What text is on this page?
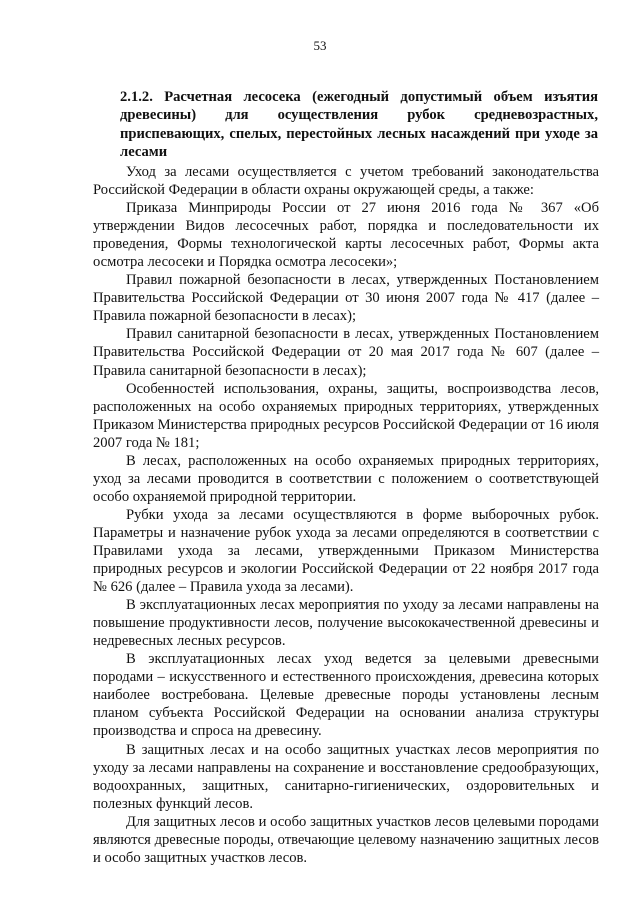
53
2.1.2. Расчетная лесосека (ежегодный допустимый объем изъятия древесины) для осуществления рубок средневозрастных, приспевающих, спелых, перестойных лесных насаждений при уходе за лесами

Уход за лесами осуществляется с учетом требований законодательства Российской Федерации в области охраны окружающей среды, а также:

Приказа Минприроды России от 27 июня 2016 года № 367 «Об утверждении Видов лесосечных работ, порядка и последовательности их проведения, Формы технологической карты лесосечных работ, Формы акта осмотра лесосеки и Порядка осмотра лесосеки»;

Правил пожарной безопасности в лесах, утвержденных Постановлением Правительства Российской Федерации от 30 июня 2007 года № 417 (далее – Правила пожарной безопасности в лесах);

Правил санитарной безопасности в лесах, утвержденных Постановлением Правительства Российской Федерации от 20 мая 2017 года № 607 (далее – Правила санитарной безопасности в лесах);

Особенностей использования, охраны, защиты, воспроизводства лесов, расположенных на особо охраняемых природных территориях, утвержденных Приказом Министерства природных ресурсов Российской Федерации от 16 июля 2007 года № 181;

В лесах, расположенных на особо охраняемых природных территориях, уход за лесами проводится в соответствии с положением о соответствующей особо охраняемой природной территории.

Рубки ухода за лесами осуществляются в форме выборочных рубок. Параметры и назначение рубок ухода за лесами определяются в соответствии с Правилами ухода за лесами, утвержденными Приказом Министерства природных ресурсов и экологии Российской Федерации от 22 ноября 2017 года № 626 (далее – Правила ухода за лесами).

В эксплуатационных лесах мероприятия по уходу за лесами направлены на повышение продуктивности лесов, получение высококачественной древесины и недревесных лесных ресурсов.

В эксплуатационных лесах уход ведется за целевыми древесными породами – искусственного и естественного происхождения, древесина которых наиболее востребована. Целевые древесные породы установлены лесным планом субъекта Российской Федерации на основании анализа структуры производства и спроса на древесину.

В защитных лесах и на особо защитных участках лесов мероприятия по уходу за лесами направлены на сохранение и восстановление средообразующих, водоохранных, защитных, санитарно-гигиенических, оздоровительных и полезных функций лесов.

Для защитных лесов и особо защитных участков лесов целевыми породами являются древесные породы, отвечающие целевому назначению защитных лесов и особо защитных участков лесов.
